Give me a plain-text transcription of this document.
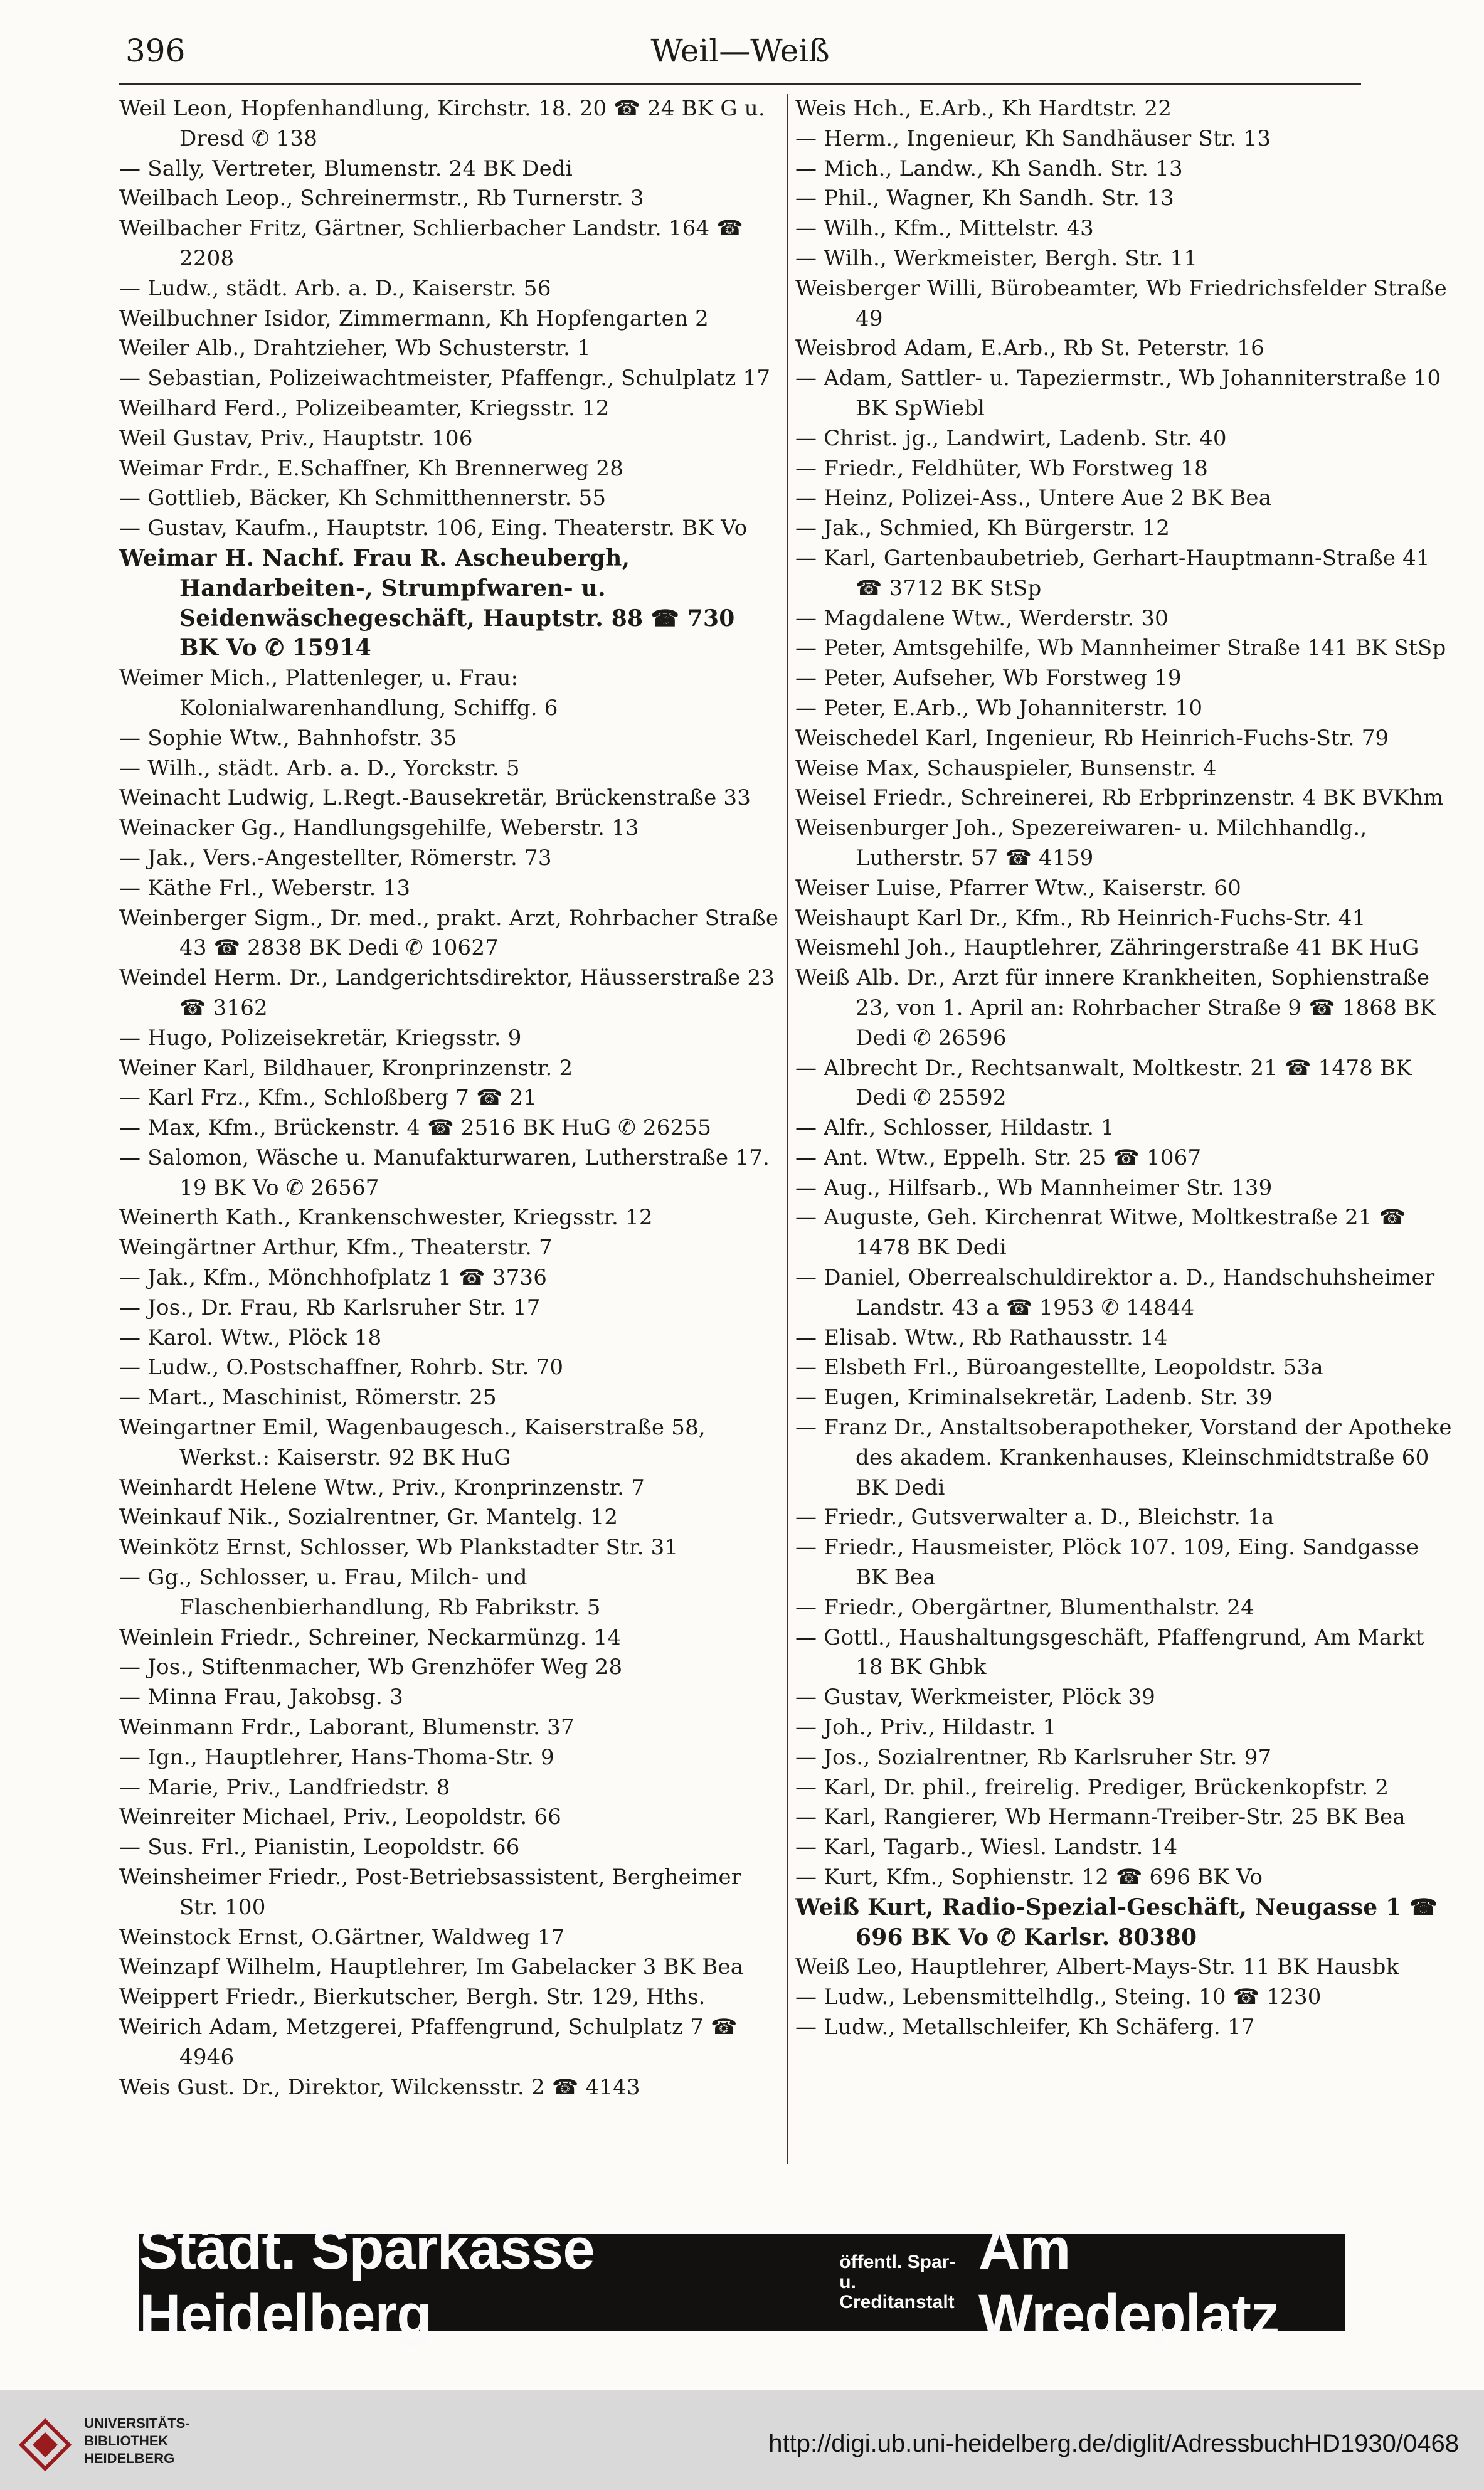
396	Weil—Weiß
Weil Leon, Hopfenhandlung, Kirchstr. 18. 20 ☎ 24 BK G u. Dresd ✆ 138
— Sally, Vertreter, Blumenstr. 24 BK Dedi
Weilbach Leop., Schreinermstr., Rb Turnerstr. 3
Weilbacher Fritz, Gärtner, Schlierbacher Landstr. 164 ☎ 2208
— Ludw., städt. Arb. a. D., Kaiserstr. 56
Weilbuchner Isidor, Zimmermann, Kh Hopfengarten 2
Weiler Alb., Drahtzieher, Wb Schusterstr. 1
— Sebastian, Polizeiwachtmeister, Pfaffengr., Schulplatz 17
Weilhard Ferd., Polizeibeamter, Kriegsstr. 12
Weil Gustav, Priv., Hauptstr. 106
Weimar Frdr., E.Schaffner, Kh Brennerweg 28
— Gottlieb, Bäcker, Kh Schmitthennerstr. 55
— Gustav, Kaufm., Hauptstr. 106, Eing. Theaterstr. BK Vo
Weimar H. Nachf. Frau R. Ascheubergh, Handarbeiten-, Strumpfwaren- u. Seidenwäschegeschäft, Hauptstr. 88 ☎ 730 BK Vo ✆ 15914
Weimer Mich., Plattenleger, u. Frau: Kolonialwarenhandlung, Schiffg. 6
— Sophie Wtw., Bahnhofstr. 35
— Wilh., städt. Arb. a. D., Yorckstr. 5
Weinacht Ludwig, L.Regt.-Bausekretär, Brückenstraße 33
Weinacker Gg., Handlungsgehilfe, Weberstr. 13
— Jak., Vers.-Angestellter, Römerstr. 73
— Käthe Frl., Weberstr. 13
Weinberger Sigm., Dr. med., prakt. Arzt, Rohrbacher Straße 43 ☎ 2838 BK Dedi ✆ 10627
Weindel Herm. Dr., Landgerichtsdirektor, Häusserstraße 23 ☎ 3162
— Hugo, Polizeisekretär, Kriegsstr. 9
Weiner Karl, Bildhauer, Kronprinzenstr. 2
— Karl Frz., Kfm., Schloßberg 7 ☎ 21
— Max, Kfm., Brückenstr. 4 ☎ 2516 BK HuG ✆ 26255
— Salomon, Wäsche u. Manufakturwaren, Lutherstraße 17. 19 BK Vo ✆ 26567
Weinerth Kath., Krankenschwester, Kriegsstr. 12
Weingärtner Arthur, Kfm., Theaterstr. 7
— Jak., Kfm., Mönchhofplatz 1 ☎ 3736
— Jos., Dr. Frau, Rb Karlsruher Str. 17
— Karol. Wtw., Plöck 18
— Ludw., O.Postschaffner, Rohrb. Str. 70
— Mart., Maschinist, Römerstr. 25
Weingartner Emil, Wagenbaugesch., Kaiserstraße 58, Werkst.: Kaiserstr. 92 BK HuG
Weinhardt Helene Wtw., Priv., Kronprinzenstr. 7
Weinkauf Nik., Sozialrentner, Gr. Mantelg. 12
Weinkötz Ernst, Schlosser, Wb Plankstadter Str. 31
— Gg., Schlosser, u. Frau, Milch- und Flaschenbierhandlung, Rb Fabrikstr. 5
Weinlein Friedr., Schreiner, Neckarmünzg. 14
— Jos., Stiftenmacher, Wb Grenzhöfer Weg 28
— Minna Frau, Jakobsg. 3
Weinmann Frdr., Laborant, Blumenstr. 37
— Ign., Hauptlehrer, Hans-Thoma-Str. 9
— Marie, Priv., Landfriedstr. 8
Weinreiter Michael, Priv., Leopoldstr. 66
— Sus. Frl., Pianistin, Leopoldstr. 66
Weinsheimer Friedr., Post-Betriebsassistent, Bergheimer Str. 100
Weinstock Ernst, O.Gärtner, Waldweg 17
Weinzapf Wilhelm, Hauptlehrer, Im Gabelacker 3 BK Bea
Weippert Friedr., Bierkutscher, Bergh. Str. 129, Hths.
Weirich Adam, Metzgerei, Pfaffengrund, Schulplatz 7 ☎ 4946
Weis Gust. Dr., Direktor, Wilckensstr. 2 ☎ 4143
Weis Hch., E.Arb., Kh Hardtstr. 22
— Herm., Ingenieur, Kh Sandhäuser Str. 13
— Mich., Landw., Kh Sandh. Str. 13
— Phil., Wagner, Kh Sandh. Str. 13
— Wilh., Kfm., Mittelstr. 43
— Wilh., Werkmeister, Bergh. Str. 11
Weisberger Willi, Bürobeamter, Wb Friedrichsfelder Straße 49
Weisbrod Adam, E.Arb., Rb St. Peterstr. 16
— Adam, Sattler- u. Tapeziermstr., Wb Johanniterstraße 10 BK SpWiebl
— Christ. jg., Landwirt, Ladenb. Str. 40
— Friedr., Feldhüter, Wb Forstweg 18
— Heinz, Polizei-Ass., Untere Aue 2 BK Bea
— Jak., Schmied, Kh Bürgerstr. 12
— Karl, Gartenbaubetrieb, Gerhart-Hauptmann-Straße 41 ☎ 3712 BK StSp
— Magdalene Wtw., Werderstr. 30
— Peter, Amtsgehilfe, Wb Mannheimer Straße 141 BK StSp
— Peter, Aufseher, Wb Forstweg 19
— Peter, E.Arb., Wb Johanniterstr. 10
Weischedel Karl, Ingenieur, Rb Heinrich-Fuchs-Str. 79
Weise Max, Schauspieler, Bunsenstr. 4
Weisel Friedr., Schreinerei, Rb Erbprinzenstr. 4 BK BVKhm
Weisenburger Joh., Spezereiwaren- u. Milchhandlg., Lutherstr. 57 ☎ 4159
Weiser Luise, Pfarrer Wtw., Kaiserstr. 60
Weishaupt Karl Dr., Kfm., Rb Heinrich-Fuchs-Str. 41
Weismehl Joh., Hauptlehrer, Zähringerstraße 41 BK HuG
Weiß Alb. Dr., Arzt für innere Krankheiten, Sophienstraße 23, von 1. April an: Rohrbacher Straße 9 ☎ 1868 BK Dedi ✆ 26596
— Albrecht Dr., Rechtsanwalt, Moltkestr. 21 ☎ 1478 BK Dedi ✆ 25592
— Alfr., Schlosser, Hildastr. 1
— Ant. Wtw., Eppelh. Str. 25 ☎ 1067
— Aug., Hilfsarb., Wb Mannheimer Str. 139
— Auguste, Geh. Kirchenrat Witwe, Moltkestraße 21 ☎ 1478 BK Dedi
— Daniel, Oberrealschuldirektor a. D., Handschuhsheimer Landstr. 43 a ☎ 1953 ✆ 14844
— Elisab. Wtw., Rb Rathausstr. 14
— Elsbeth Frl., Büroangestellte, Leopoldstr. 53a
— Eugen, Kriminalsekretär, Ladenb. Str. 39
— Franz Dr., Anstaltsoberapotheker, Vorstand der Apotheke des akadem. Krankenhauses, Kleinschmidtstraße 60 BK Dedi
— Friedr., Gutsverwalter a. D., Bleichstr. 1a
— Friedr., Hausmeister, Plöck 107. 109, Eing. Sandgasse BK Bea
— Friedr., Obergärtner, Blumenthalstr. 24
— Gottl., Haushaltungsgeschäft, Pfaffengrund, Am Markt 18 BK Ghbk
— Gustav, Werkmeister, Plöck 39
— Joh., Priv., Hildastr. 1
— Jos., Sozialrentner, Rb Karlsruher Str. 97
— Karl, Dr. phil., freirelig. Prediger, Brückenkopfstr. 2
— Karl, Rangierer, Wb Hermann-Treiber-Str. 25 BK Bea
— Karl, Tagarb., Wiesl. Landstr. 14
— Kurt, Kfm., Sophienstr. 12 ☎ 696 BK Vo
Weiß Kurt, Radio-Spezial-Geschäft, Neugasse 1 ☎ 696 BK Vo ✆ Karlsr. 80380
Weiß Leo, Hauptlehrer, Albert-Mays-Str. 11 BK Hausbk
— Ludw., Lebensmittelhdlg., Steing. 10 ☎ 1230
— Ludw., Metallschleifer, Kh Schäferg. 17
Städt. Sparkasse Heidelberg
öffentl. Spar- u.
Creditanstalt
Am Wredeplatz
UNIVERSITÄTS-
BIBLIOTHEK
HEIDELBERG
http://digi.ub.uni-heidelberg.de/diglit/AdressbuchHD1930/0468
